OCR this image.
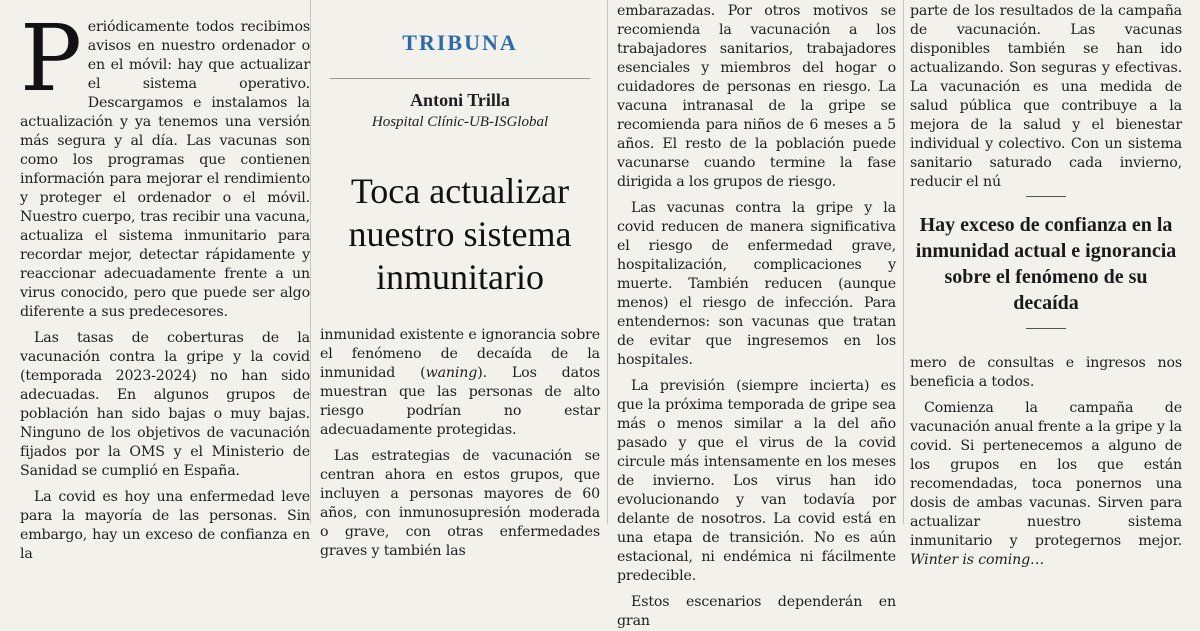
Periódicamente todos recibimos avisos en nuestro ordenador o en el móvil: hay que actualizar el sistema operativo. Descargamos e instalamos la actualización y ya tenemos una versión más segura y al día. Las vacunas son como los programas que contienen información para mejorar el rendimiento y proteger el ordenador o el móvil. Nuestro cuerpo, tras recibir una vacuna, actualiza el sistema inmunitario para recordar mejor, detectar rápidamente y reaccionar adecuadamente frente a un virus conocido, pero que puede ser algo diferente a sus predecesores.

Las tasas de coberturas de la vacunación contra la gripe y la covid (temporada 2023-2024) no han sido adecuadas. En algunos grupos de población han sido bajas o muy bajas. Ninguno de los objetivos de vacunación fijados por la OMS y el Ministerio de Sanidad se cumplió en España.

La covid es hoy una enfermedad leve para la mayoría de las personas. Sin embargo, hay un exceso de confianza en la

TRIBUNA
Antoni Trilla
Hospital Clínic-UB-ISGlobal
Toca actualizar nuestro sistema inmunitario

inmunidad existente e ignorancia sobre el fenómeno de decaída de la inmunidad (waning). Los datos muestran que las personas de alto riesgo podrían no estar adecuadamente protegidas.

Las estrategias de vacunación se centran ahora en estos grupos, que incluyen a personas mayores de 60 años, con inmunosupresión moderada o grave, con otras enfermedades graves y también las

embarazadas. Por otros motivos se recomienda la vacunación a los trabajadores sanitarios, trabajadores esenciales y miembros del hogar o cuidadores de personas en riesgo. La vacuna intranasal de la gripe se recomienda para niños de 6 meses a 5 años. El resto de la población puede vacunarse cuando termine la fase dirigida a los grupos de riesgo.

Las vacunas contra la gripe y la covid reducen de manera significativa el riesgo de enfermedad grave, hospitalización, complicaciones y muerte. También reducen (aunque menos) el riesgo de infección. Para entendernos: son vacunas que tratan de evitar que ingresemos en los hospitales.

La previsión (siempre incierta) es que la próxima temporada de gripe sea más o menos similar a la del año pasado y que el virus de la covid circule más intensamente en los meses de invierno. Los virus han ido evolucionando y van todavía por delante de nosotros. La covid está en una etapa de transición. No es aún estacional, ni endémica ni fácilmente predecible.

Estos escenarios dependerán en gran

parte de los resultados de la campaña de vacunación. Las vacunas disponibles también se han ido actualizando. Son seguras y efectivas. La vacunación es una medida de salud pública que contribuye a la mejora de la salud y el bienestar individual y colectivo. Con un sistema sanitario saturado cada invierno, reducir el nú

Hay exceso de confianza en la inmunidad actual e ignorancia sobre el fenómeno de su decaída

mero de consultas e ingresos nos beneficia a todos.

Comienza la campaña de vacunación anual frente a la gripe y la covid. Si pertenecemos a alguno de los grupos en los que están recomendadas, toca ponernos una dosis de ambas vacunas. Sirven para actualizar nuestro sistema inmunitario y protegernos mejor. Winter is coming…
